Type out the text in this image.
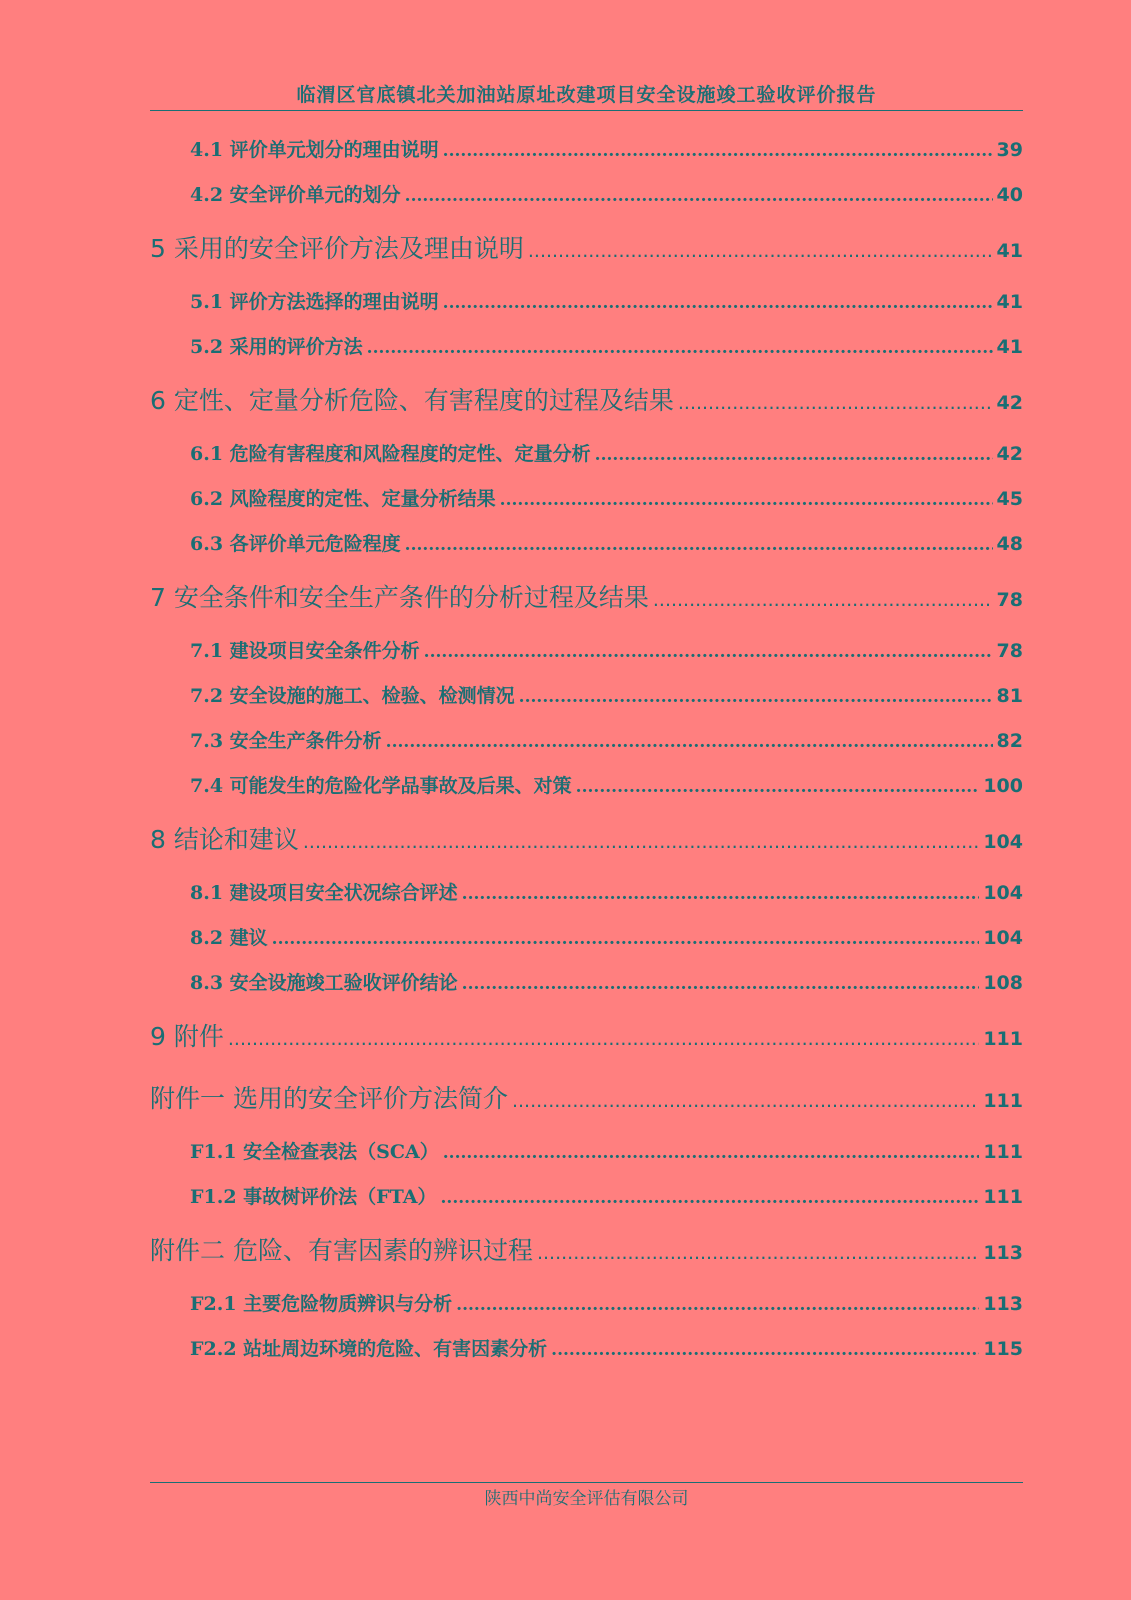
临渭区官底镇北关加油站原址改建项目安全设施竣工验收评价报告
4.1 评价单元划分的理由说明 .....	39
4.2 安全评价单元的划分 .....	40
5 采用的安全评价方法及理由说明 .....	41
5.1 评价方法选择的理由说明 .....	41
5.2 采用的评价方法 .....	41
6 定性、定量分析危险、有害程度的过程及结果 .....	42
6.1 危险有害程度和风险程度的定性、定量分析 .....	42
6.2 风险程度的定性、定量分析结果 .....	45
6.3 各评价单元危险程度 .....	48
7 安全条件和安全生产条件的分析过程及结果 .....	78
7.1 建设项目安全条件分析 .....	78
7.2 安全设施的施工、检验、检测情况 .....	81
7.3 安全生产条件分析 .....	82
7.4 可能发生的危险化学品事故及后果、对策 .....	100
8 结论和建议 .....	104
8.1 建设项目安全状况综合评述 .....	104
8.2 建议 .....	104
8.3 安全设施竣工验收评价结论 .....	108
9 附件 .....	111
附件一 选用的安全评价方法简介 .....	111
F1.1 安全检查表法（SCA） .....	111
F1.2 事故树评价法（FTA） .....	111
附件二 危险、有害因素的辨识过程 .....	113
F2.1 主要危险物质辨识与分析 .....	113
F2.2 站址周边环境的危险、有害因素分析 .....	115
陕西中尚安全评估有限公司
